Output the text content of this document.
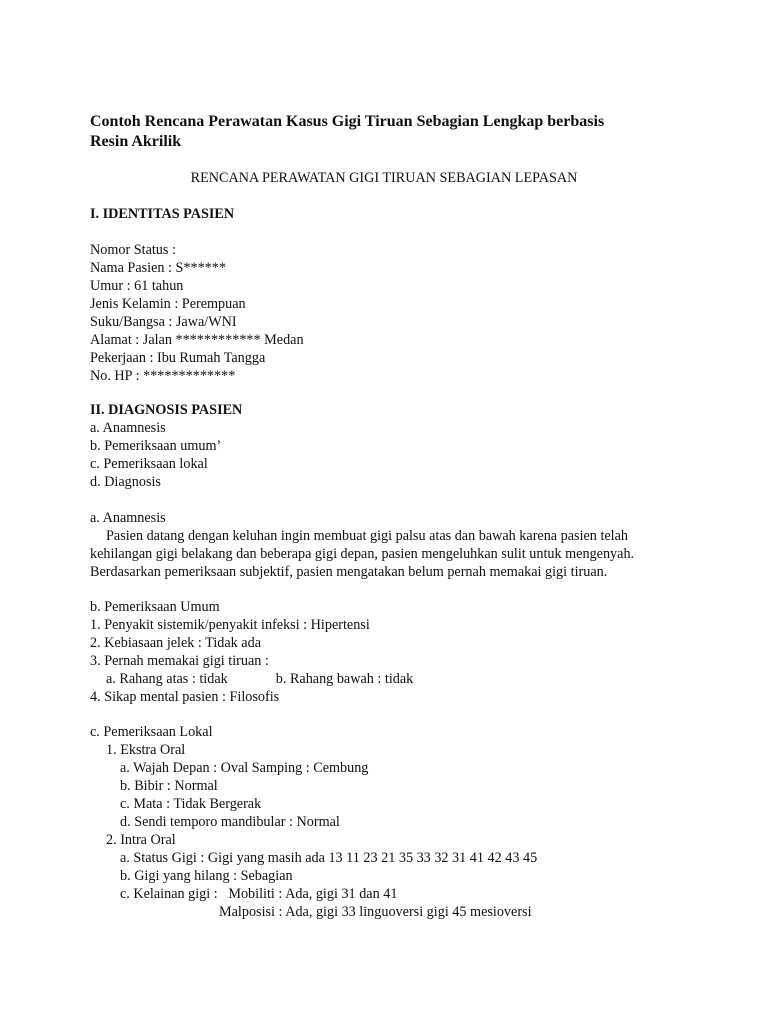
Contoh Rencana Perawatan Kasus Gigi Tiruan Sebagian Lengkap berbasis
Resin Akrilik
RENCANA PERAWATAN GIGI TIRUAN SEBAGIAN LEPASAN
I. IDENTITAS PASIEN
Nomor Status :
Nama Pasien : S******
Umur : 61 tahun
Jenis Kelamin : Perempuan
Suku/Bangsa : Jawa/WNI
Alamat : Jalan ************ Medan
Pekerjaan : Ibu Rumah Tangga
No. HP : *************
II. DIAGNOSIS PASIEN
a. Anamnesis
b. Pemeriksaan umum’
c. Pemeriksaan lokal
d. Diagnosis
a. Anamnesis
Pasien datang dengan keluhan ingin membuat gigi palsu atas dan bawah karena pasien telah
kehilangan gigi belakang dan beberapa gigi depan, pasien mengeluhkan sulit untuk mengenyah.
Berdasarkan pemeriksaan subjektif, pasien mengatakan belum pernah memakai gigi tiruan.
b. Pemeriksaan Umum
1. Penyakit sistemik/penyakit infeksi : Hipertensi
2. Kebiasaan jelek : Tidak ada
3. Pernah memakai gigi tiruan :
a. Rahang atas : tidak	b. Rahang bawah : tidak
4. Sikap mental pasien : Filosofis
c. Pemeriksaan Lokal
1. Ekstra Oral
a. Wajah Depan : Oval Samping : Cembung
b. Bibir : Normal
c. Mata : Tidak Bergerak
d. Sendi temporo mandibular : Normal
2. Intra Oral
a. Status Gigi : Gigi yang masih ada 13 11 23 21 35 33 32 31 41 42 43 45
b. Gigi yang hilang : Sebagian
c. Kelainan gigi :   Mobiliti : Ada, gigi 31 dan 41
Malposisi : Ada, gigi 33 linguoversi gigi 45 mesioversi
